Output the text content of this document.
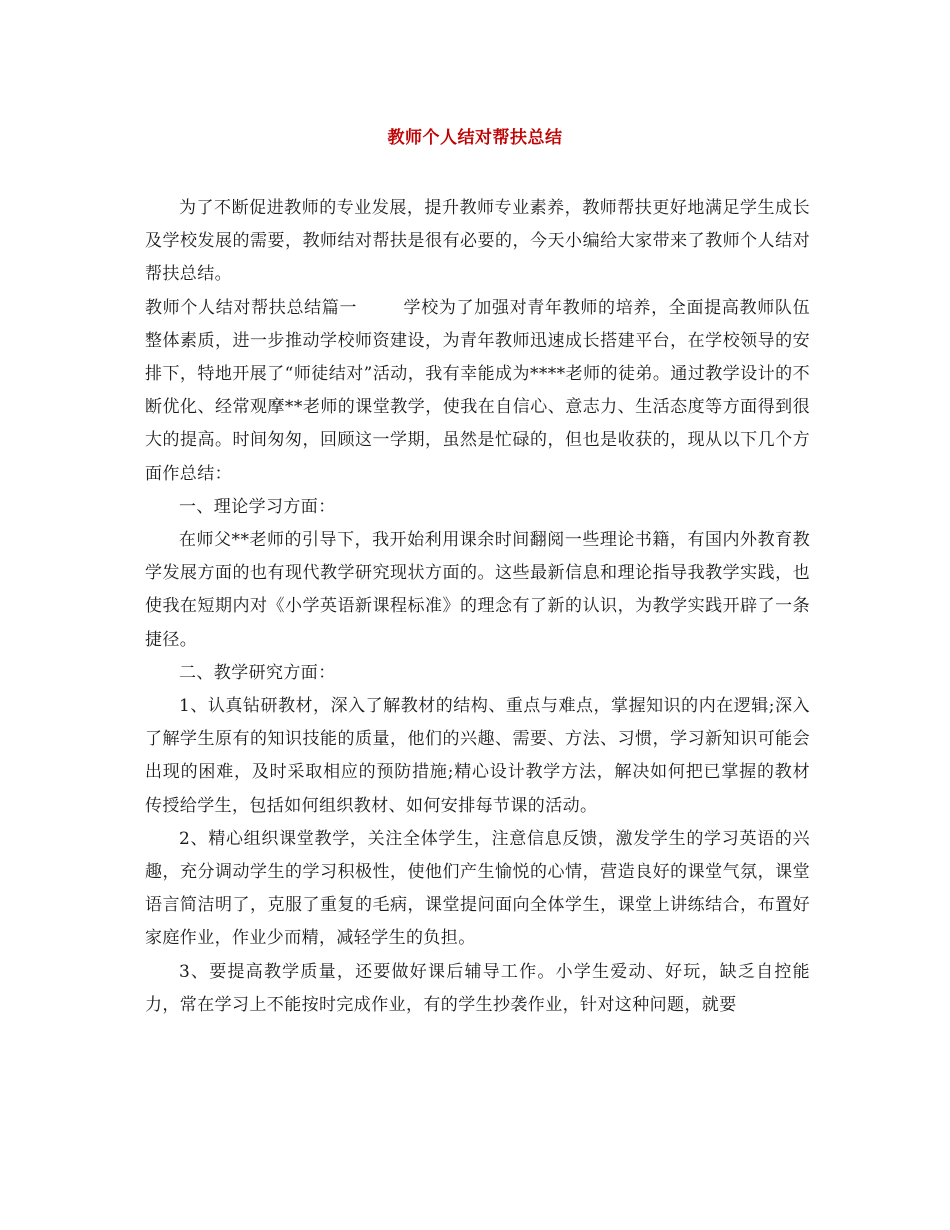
教师个人结对帮扶总结

为了不断促进教师的专业发展，提升教师专业素养，教师帮扶更好地满足学生成长及学校发展的需要，教师结对帮扶是很有必要的，今天小编给大家带来了教师个人结对帮扶总结。

教师个人结对帮扶总结篇一	学校为了加强对青年教师的培养，全面提高教师队伍整体素质，进一步推动学校师资建设，为青年教师迅速成长搭建平台，在学校领导的安排下，特地开展了“师徒结对”活动，我有幸能成为****老师的徒弟。通过教学设计的不断优化、经常观摩**老师的课堂教学，使我在自信心、意志力、生活态度等方面得到很大的提高。时间匆匆，回顾这一学期，虽然是忙碌的，但也是收获的，现从以下几个方面作总结：

一、理论学习方面：

在师父**老师的引导下，我开始利用课余时间翻阅一些理论书籍，有国内外教育教学发展方面的也有现代教学研究现状方面的。这些最新信息和理论指导我教学实践，也使我在短期内对《小学英语新课程标准》的理念有了新的认识，为教学实践开辟了一条捷径。

二、教学研究方面：

1、认真钻研教材，深入了解教材的结构、重点与难点，掌握知识的内在逻辑;深入了解学生原有的知识技能的质量，他们的兴趣、需要、方法、习惯，学习新知识可能会出现的困难，及时采取相应的预防措施;精心设计教学方法，解决如何把已掌握的教材传授给学生，包括如何组织教材、如何安排每节课的活动。

2、精心组织课堂教学，关注全体学生，注意信息反馈，激发学生的学习英语的兴趣，充分调动学生的学习积极性，使他们产生愉悦的心情，营造良好的课堂气氛，课堂语言简洁明了，克服了重复的毛病，课堂提问面向全体学生，课堂上讲练结合，布置好家庭作业，作业少而精，减轻学生的负担。

3、要提高教学质量，还要做好课后辅导工作。小学生爱动、好玩，缺乏自控能力，常在学习上不能按时完成作业，有的学生抄袭作业，针对这种问题，就要
